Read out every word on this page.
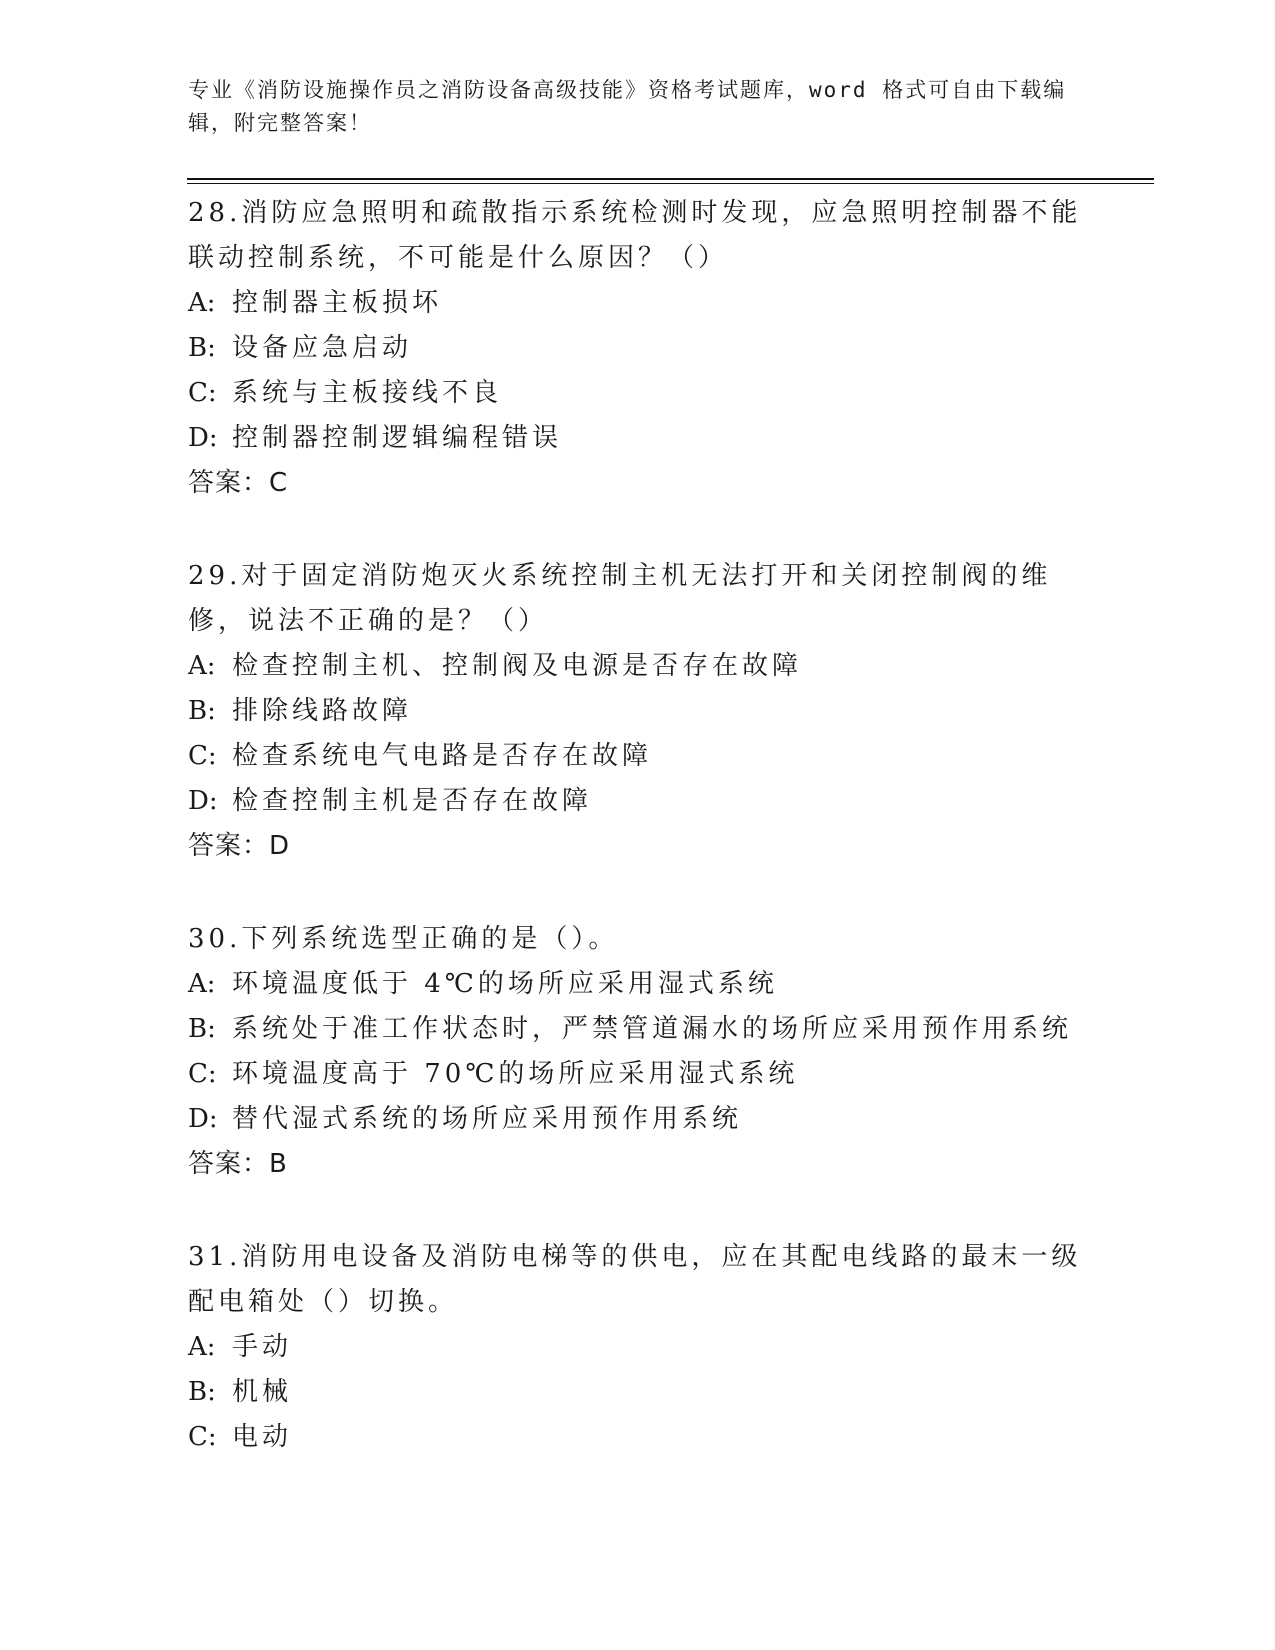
专业《消防设施操作员之消防设备高级技能》资格考试题库，word 格式可自由下载编辑，附完整答案！

28.消防应急照明和疏散指示系统检测时发现，应急照明控制器不能联动控制系统，不可能是什么原因？（）

A: 控制器主板损坏

B: 设备应急启动

C: 系统与主板接线不良

D: 控制器控制逻辑编程错误

答案：C

29.对于固定消防炮灭火系统控制主机无法打开和关闭控制阀的维修，说法不正确的是？（）

A: 检查控制主机、控制阀及电源是否存在故障

B: 排除线路故障

C: 检查系统电气电路是否存在故障

D: 检查控制主机是否存在故障

答案：D

30.下列系统选型正确的是（）。

A: 环境温度低于 4℃的场所应采用湿式系统

B: 系统处于准工作状态时，严禁管道漏水的场所应采用预作用系统

C: 环境温度高于 70℃的场所应采用湿式系统

D: 替代湿式系统的场所应采用预作用系统

答案：B

31.消防用电设备及消防电梯等的供电，应在其配电线路的最末一级配电箱处（）切换。

A: 手动

B: 机械

C: 电动
